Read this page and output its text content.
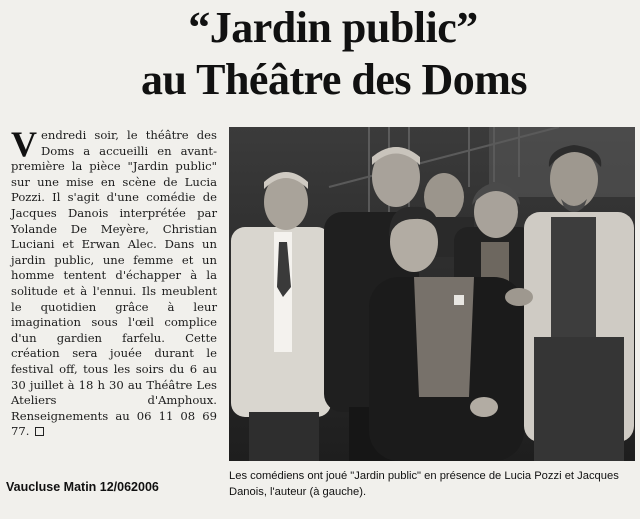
“Jardin public”
au Théâtre des Doms
Vendredi soir, le théâtre des Doms a accueilli en avant-première la pièce "Jardin public" sur une mise en scène de Lucia Pozzi. Il s'agit d'une comédie de Jacques Danois interprétée par Yolande De Meyère, Christian Luciani et Erwan Alec. Dans un jardin public, une femme et un homme tentent d'échapper à la solitude et à l'ennui. Ils meublent le quotidien grâce à leur imagination sous l'œil complice d'un gardien farfelu. Cette création sera jouée durant le festival off, tous les soirs du 6 au 30 juillet à 18 h 30 au Théâtre Les Ateliers d'Amphoux. Renseignements au 06 11 08 69 77.
Vaucluse Matin 12/062006
Les comédiens ont joué "Jardin public" en présence de Lucia Pozzi et Jacques Danois, l'auteur (à gauche).
